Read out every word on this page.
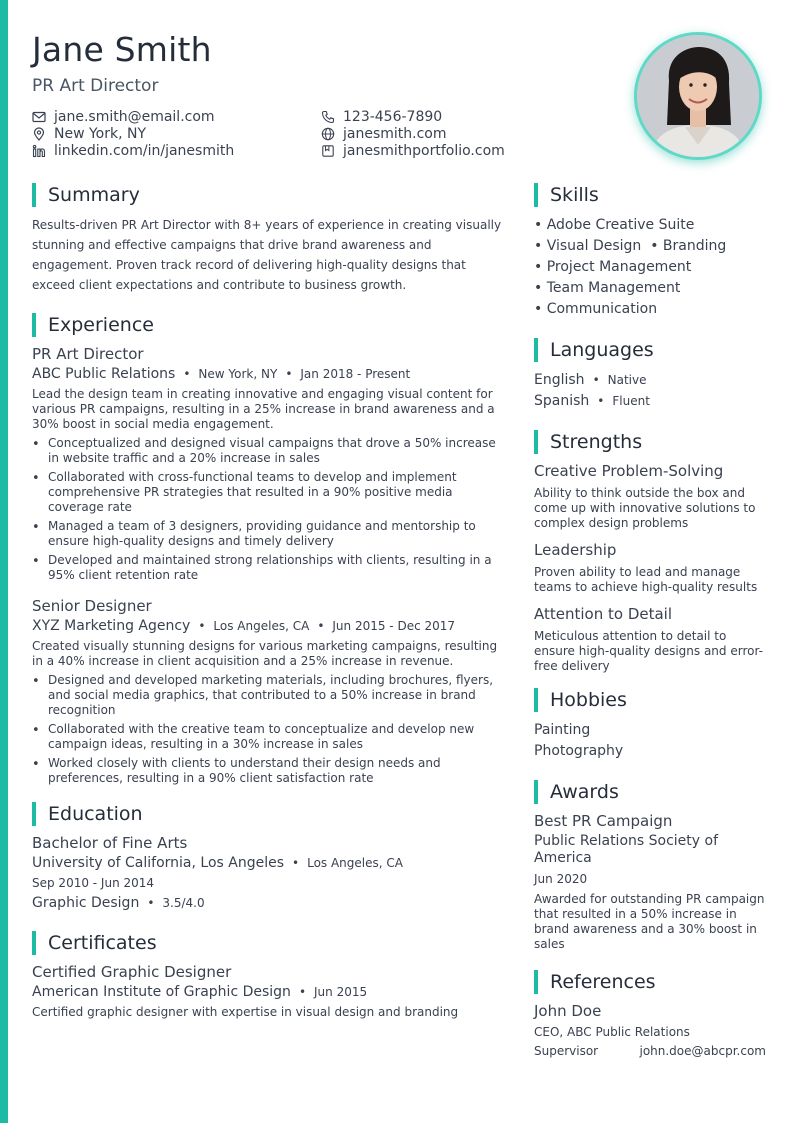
Jane Smith
PR Art Director
jane.smith@email.com
New York, NY
linkedin.com/in/janesmith
123-456-7890
janesmith.com
janesmithportfolio.com
Summary
Results-driven PR Art Director with 8+ years of experience in creating visually stunning and effective campaigns that drive brand awareness and engagement. Proven track record of delivering high-quality designs that exceed client expectations and contribute to business growth.
Experience
PR Art Director
ABC Public Relations • New York, NY • Jan 2018 - Present
Lead the design team in creating innovative and engaging visual content for various PR campaigns, resulting in a 25% increase in brand awareness and a 30% boost in social media engagement.
• Conceptualized and designed visual campaigns that drove a 50% increase in website traffic and a 20% increase in sales
• Collaborated with cross-functional teams to develop and implement comprehensive PR strategies that resulted in a 90% positive media coverage rate
• Managed a team of 3 designers, providing guidance and mentorship to ensure high-quality designs and timely delivery
• Developed and maintained strong relationships with clients, resulting in a 95% client retention rate
Senior Designer
XYZ Marketing Agency • Los Angeles, CA • Jun 2015 - Dec 2017
Created visually stunning designs for various marketing campaigns, resulting in a 40% increase in client acquisition and a 25% increase in revenue.
• Designed and developed marketing materials, including brochures, flyers, and social media graphics, that contributed to a 50% increase in brand recognition
• Collaborated with the creative team to conceptualize and develop new campaign ideas, resulting in a 30% increase in sales
• Worked closely with clients to understand their design needs and preferences, resulting in a 90% client satisfaction rate
Education
Bachelor of Fine Arts
University of California, Los Angeles • Los Angeles, CA
Sep 2010 - Jun 2014
Graphic Design • 3.5/4.0
Certificates
Certified Graphic Designer
American Institute of Graphic Design • Jun 2015
Certified graphic designer with expertise in visual design and branding
Skills
• Adobe Creative Suite
• Visual Design  • Branding
• Project Management
• Team Management
• Communication
Languages
English • Native
Spanish • Fluent
Strengths
Creative Problem-Solving
Ability to think outside the box and come up with innovative solutions to complex design problems
Leadership
Proven ability to lead and manage teams to achieve high-quality results
Attention to Detail
Meticulous attention to detail to ensure high-quality designs and error-free delivery
Hobbies
Painting
Photography
Awards
Best PR Campaign
Public Relations Society of America
Jun 2020
Awarded for outstanding PR campaign that resulted in a 50% increase in brand awareness and a 30% boost in sales
References
John Doe
CEO, ABC Public Relations
Supervisor	john.doe@abcpr.com
